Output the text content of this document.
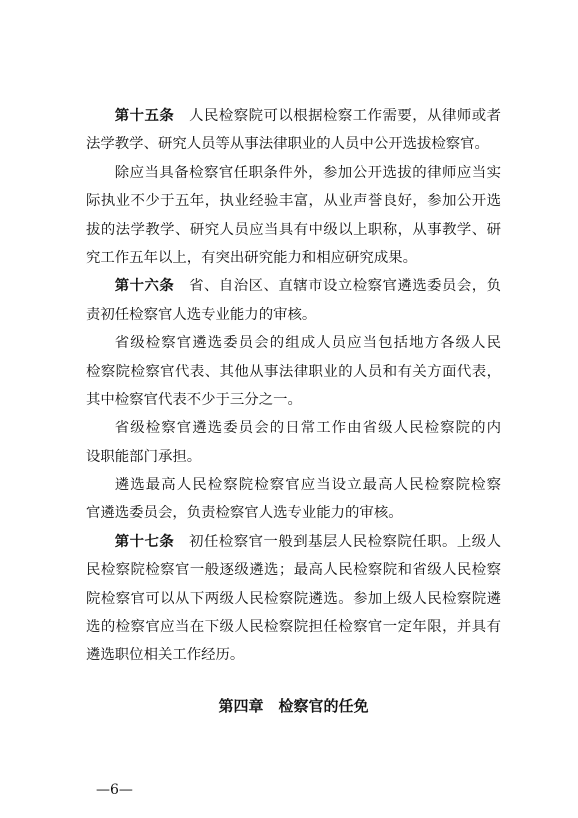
第十五条　人民检察院可以根据检察工作需要，从律师或者
法学教学、研究人员等从事法律职业的人员中公开选拔检察官。
除应当具备检察官任职条件外，参加公开选拔的律师应当实
际执业不少于五年，执业经验丰富，从业声誉良好，参加公开选
拔的法学教学、研究人员应当具有中级以上职称，从事教学、研
究工作五年以上，有突出研究能力和相应研究成果。
第十六条　省、自治区、直辖市设立检察官遴选委员会，负
责初任检察官人选专业能力的审核。
省级检察官遴选委员会的组成人员应当包括地方各级人民
检察院检察官代表、其他从事法律职业的人员和有关方面代表，
其中检察官代表不少于三分之一。
省级检察官遴选委员会的日常工作由省级人民检察院的内
设职能部门承担。
遴选最高人民检察院检察官应当设立最高人民检察院检察
官遴选委员会，负责检察官人选专业能力的审核。
第十七条　初任检察官一般到基层人民检察院任职。上级人
民检察院检察官一般逐级遴选；最高人民检察院和省级人民检察
院检察官可以从下两级人民检察院遴选。参加上级人民检察院遴
选的检察官应当在下级人民检察院担任检察官一定年限，并具有
遴选职位相关工作经历。
第四章　检察官的任免
—6—
